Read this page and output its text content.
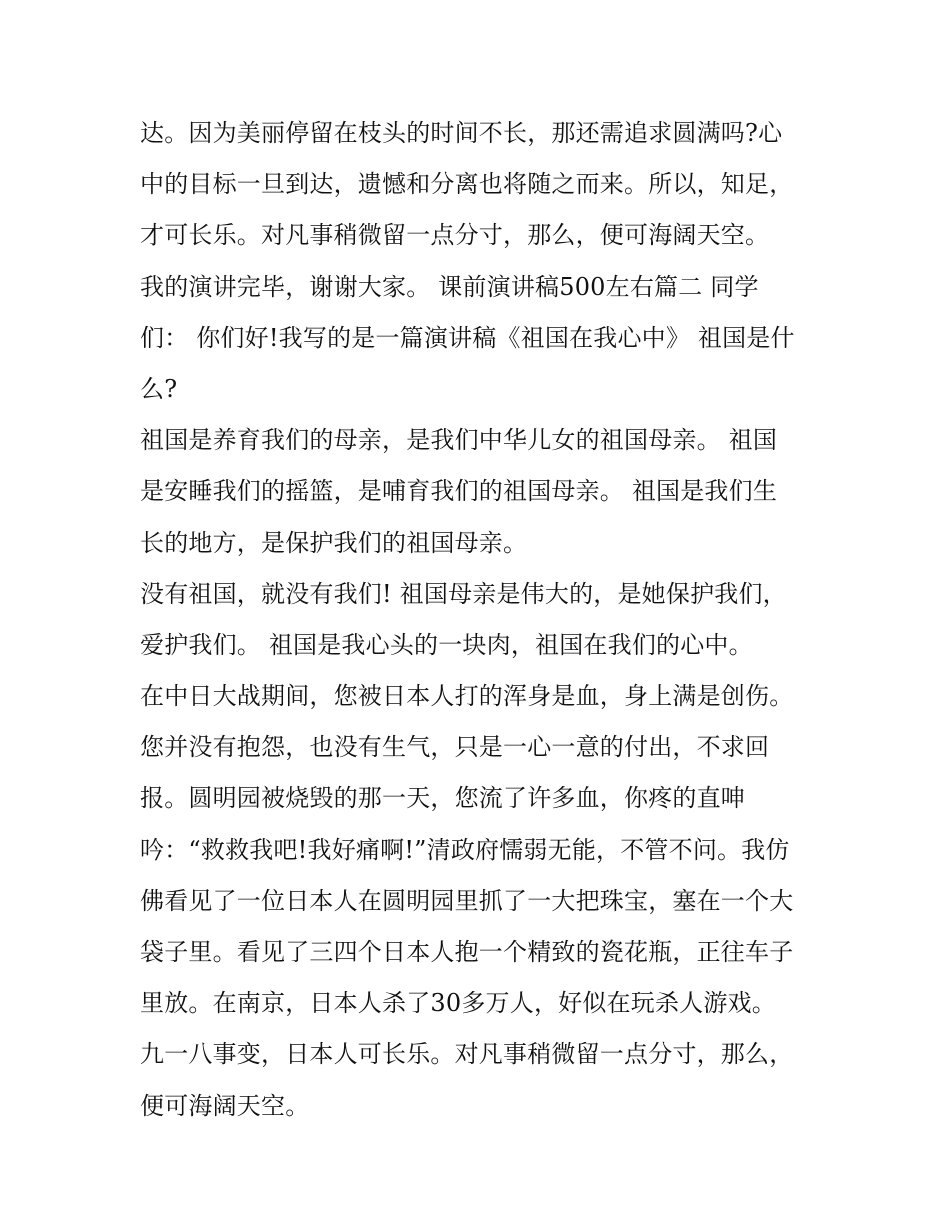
达。因为美丽停留在枝头的时间不长，那还需追求圆满吗?心
中的目标一旦到达，遗憾和分离也将随之而来。所以，知足，
才可长乐。对凡事稍微留一点分寸，那么，便可海阔天空。
我的演讲完毕，谢谢大家。 课前演讲稿500左右篇二 同学
们： 你们好!我写的是一篇演讲稿《祖国在我心中》 祖国是什
么?
祖国是养育我们的母亲，是我们中华儿女的祖国母亲。 祖国
是安睡我们的摇篮，是哺育我们的祖国母亲。 祖国是我们生
长的地方，是保护我们的祖国母亲。
没有祖国，就没有我们! 祖国母亲是伟大的，是她保护我们，
爱护我们。 祖国是我心头的一块肉，祖国在我们的心中。
在中日大战期间，您被日本人打的浑身是血，身上满是创伤。
您并没有抱怨，也没有生气，只是一心一意的付出，不求回
报。圆明园被烧毁的那一天，您流了许多血，你疼的直呻
吟：“救救我吧!我好痛啊!”清政府懦弱无能，不管不问。我仿
佛看见了一位日本人在圆明园里抓了一大把珠宝，塞在一个大
袋子里。看见了三四个日本人抱一个精致的瓷花瓶，正往车子
里放。在南京，日本人杀了30多万人，好似在玩杀人游戏。
九一八事变，日本人可长乐。对凡事稍微留一点分寸，那么，
便可海阔天空。
